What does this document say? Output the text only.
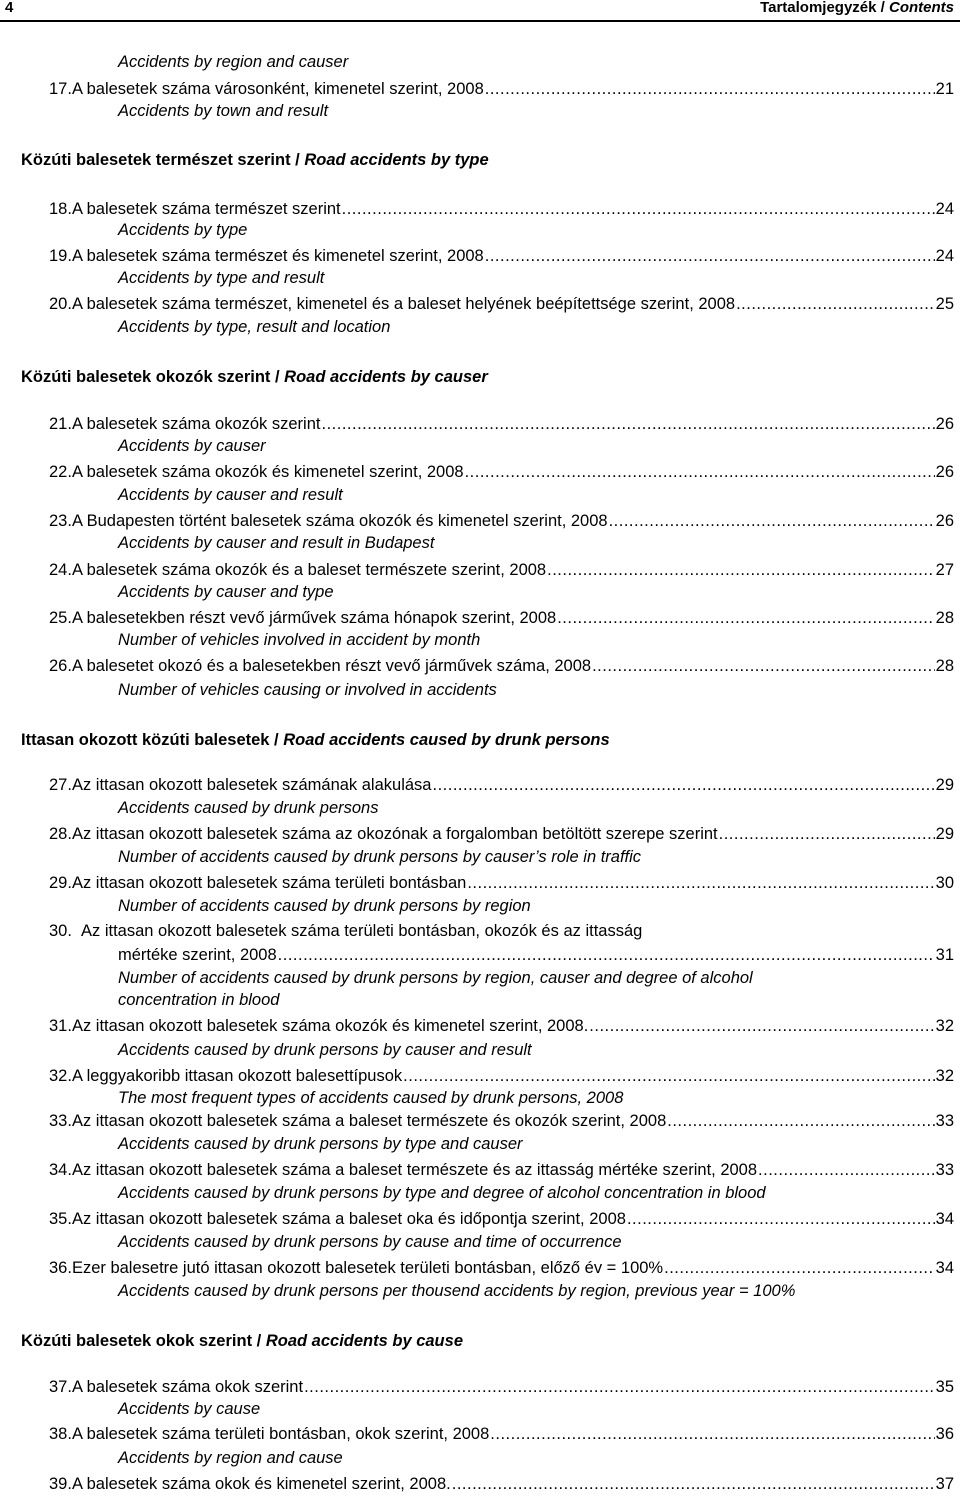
4	Tartalomjegyzék / Contents
Accidents by region and causer
17. A balesetek száma városonként, kimenetel szerint, 2008 .....	21
Accidents by town and result
Közúti balesetek természet szerint / Road accidents by type
18. A balesetek száma természet szerint .....	24
Accidents by type
19. A balesetek száma természet és kimenetel szerint, 2008 .....	24
Accidents by type and result
20. A balesetek száma természet, kimenetel és a baleset helyének beépítettsége szerint, 2008 .....	25
Accidents by type, result and location
Közúti balesetek okozók szerint / Road accidents by causer
21. A balesetek száma okozók szerint .....	26
Accidents by causer
22. A balesetek száma okozók és kimenetel szerint, 2008 .....	26
Accidents by causer and result
23. A Budapesten történt balesetek száma okozók és kimenetel szerint, 2008 .....	26
Accidents by causer and result in Budapest
24. A balesetek száma okozók és a baleset természete szerint, 2008 .....	27
Accidents by causer and type
25. A balesetekben részt vevő járművek száma hónapok szerint, 2008 .....	28
Number of vehicles involved in accident by month
26. A balesetet okozó és a balesetekben részt vevő járművek száma, 2008 .....	28
Number of vehicles causing or involved in accidents
Ittasan okozott közúti balesetek / Road accidents caused by drunk persons
27. Az ittasan okozott balesetek számának alakulása .....	29
Accidents caused by drunk persons
28. Az ittasan okozott balesetek száma az okozónak a forgalomban betöltött szerepe szerint .....	29
Number of accidents caused by drunk persons by causer’s role in traffic
29. Az ittasan okozott balesetek száma területi bontásban .....	30
Number of accidents caused by drunk persons by region
30. Az ittasan okozott balesetek száma területi bontásban, okozók és az ittasság
mértéke szerint, 2008 .....	31
Number of accidents caused by drunk persons by region, causer and degree of alcohol
concentration in blood
31. Az ittasan okozott balesetek száma okozók és kimenetel szerint, 2008. .....	32
Accidents caused by drunk persons by causer and result
32. A leggyakoribb ittasan okozott balesettípusok .....	32
The most frequent types of accidents caused by drunk persons, 2008
33. Az ittasan okozott balesetek száma a baleset természete és okozók szerint, 2008 .....	33
Accidents caused by drunk persons by type and causer
34. Az ittasan okozott balesetek száma a baleset természete és az ittasság mértéke szerint, 2008 .....	33
Accidents caused by drunk persons by type and degree of alcohol concentration in blood
35. Az ittasan okozott balesetek száma a baleset oka és időpontja szerint, 2008 .....	34
Accidents caused by drunk persons by cause and time of occurrence
36. Ezer balesetre jutó ittasan okozott balesetek területi bontásban, előző év = 100% .....	34
Accidents caused by drunk persons per thousend accidents by region, previous year = 100%
Közúti balesetek okok szerint / Road accidents by cause
37. A balesetek száma okok szerint .....	35
Accidents by cause
38. A balesetek száma területi bontásban, okok szerint, 2008 .....	36
Accidents by region and cause
39. A balesetek száma okok és kimenetel szerint, 2008. .....	37
